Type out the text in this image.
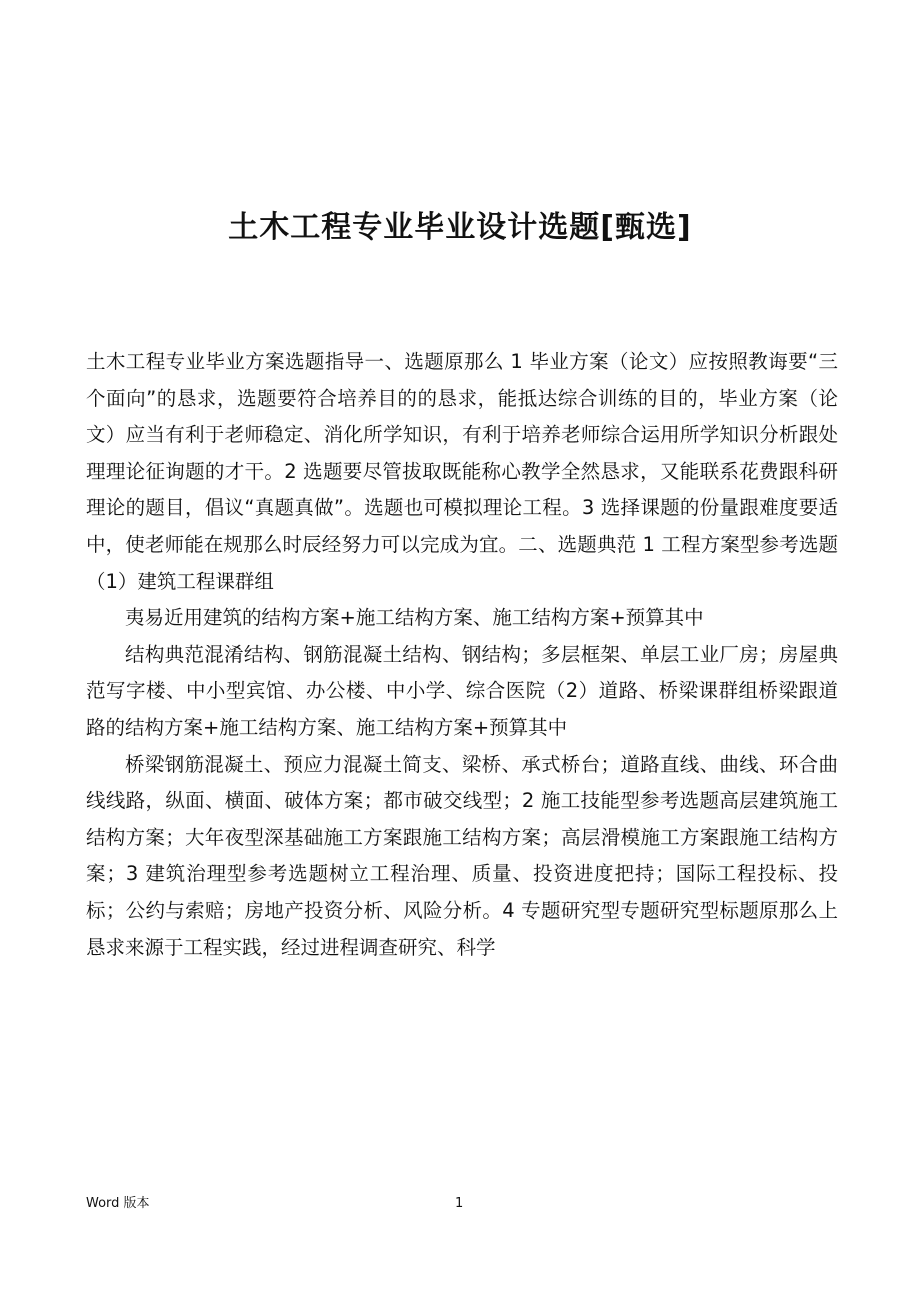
土木工程专业毕业设计选题[甄选]

土木工程专业毕业方案选题指导一、选题原那么 1 毕业方案（论文）应按照教诲要“三个面向”的恳求，选题要符合培养目的的恳求，能抵达综合训练的目的，毕业方案（论文）应当有利于老师稳定、消化所学知识，有利于培养老师综合运用所学知识分析跟处理理论征询题的才干。2 选题要尽管拔取既能称心教学全然恳求，又能联系花费跟科研理论的题目，倡议“真题真做”。选题也可模拟理论工程。3 选择课题的份量跟难度要适中，使老师能在规那么时辰经努力可以完成为宜。二、选题典范 1 工程方案型参考选题（1）建筑工程课群组

夷易近用建筑的结构方案+施工结构方案、施工结构方案+预算其中

结构典范混淆结构、钢筋混凝土结构、钢结构；多层框架、单层工业厂房；房屋典范写字楼、中小型宾馆、办公楼、中小学、综合医院（2）道路、桥梁课群组桥梁跟道路的结构方案+施工结构方案、施工结构方案+预算其中

桥梁钢筋混凝土、预应力混凝土简支、梁桥、承式桥台；道路直线、曲线、环合曲线线路，纵面、横面、破体方案；都市破交线型；2 施工技能型参考选题高层建筑施工结构方案；大年夜型深基础施工方案跟施工结构方案；高层滑模施工方案跟施工结构方案；3 建筑治理型参考选题树立工程治理、质量、投资进度把持；国际工程投标、投标；公约与索赔；房地产投资分析、风险分析。4 专题研究型专题研究型标题原那么上恳求来源于工程实践，经过进程调查研究、科学

Word 版本	1
